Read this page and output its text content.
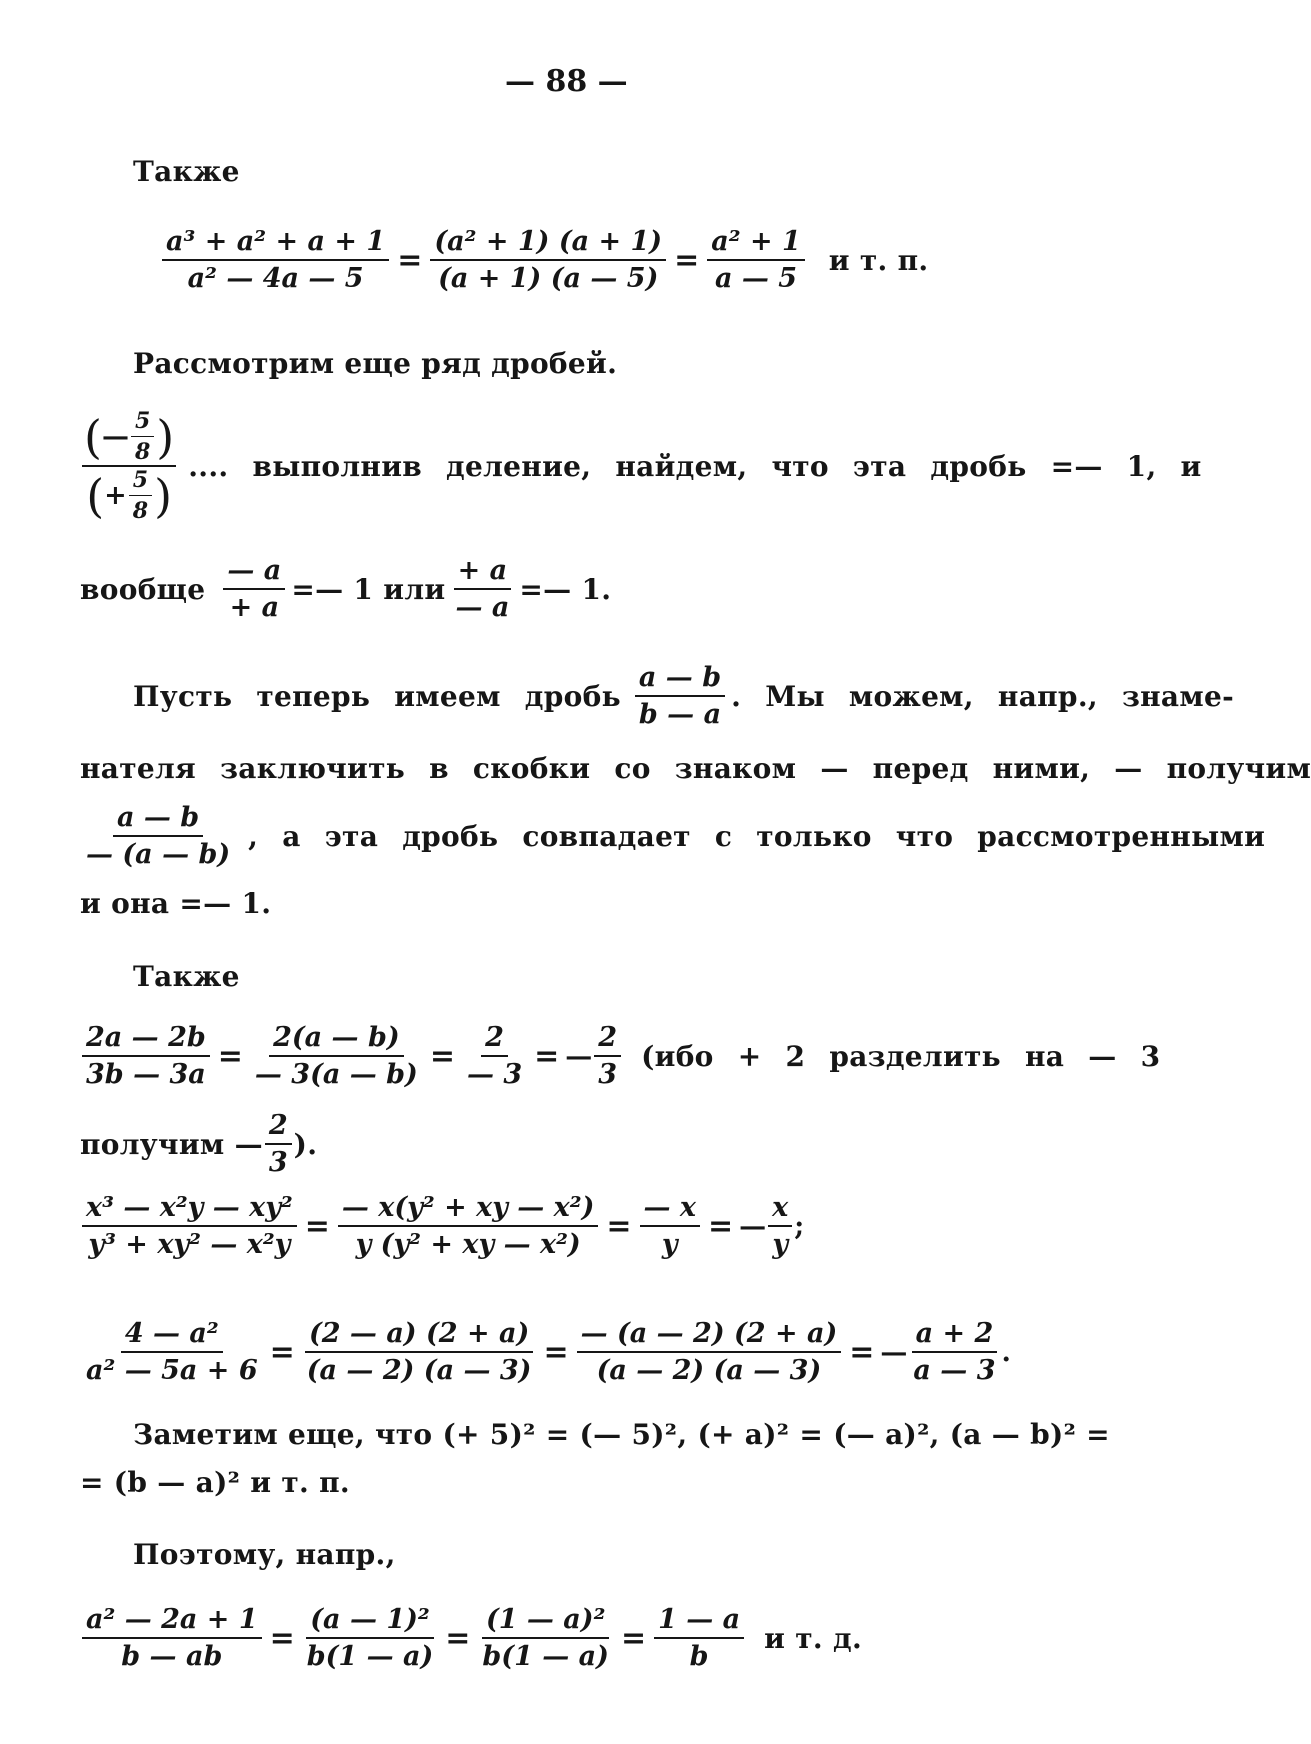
— 88 —
Также
$\frac{\text{a³ + a² + a + 1}}{\text{a² — 4a — 5}} = \frac{\text{(a² + 1) (a + 1)}}{(a + 1) (a — 5)} = \frac{\text{a² + 1}}{a — 5}$ и т. п.
Рассмотрим еще ряд дробей.
$\frac{( — \frac{5}{8} )}{( + \frac{5}{8} )}$ .... выполнив деление, найдем, что эта дробь =— 1, и
вообще $\frac{— a}{+ a}$ =— 1 или $\frac{+ a}{— a}$ =— 1.
Пусть теперь имеем дробь $\frac{a — b}{b — a}$ . Мы можем, напр., знаме-
нателя заключить в скобки со знаком — перед ними, — получим
$\frac{a — b}{— (a — b)}$ , а эта дробь совпадает с только что рассмотренными
и она =— 1.
Также
$\frac{2a — 2b}{3b — 3a} = \frac{2(a — b)}{— 3(a — b)} = \frac{2}{— 3}$ = — $\frac{2}{3} (ибо + 2$ разделить на — 3
получим — $\frac{2}{3}$ ).
$\frac{\text{x³ — x²y — xy²}}{\text{y³ + xy² — x²y}} = \frac{\text{— x(y² + xy — x²)}}{\text{y (y² + xy — x²)}} = \frac{— x}{y}$ = — $\frac{x}{y}$ ;
$\frac{\text{4 — a²}}{\text{a² — 5a + 6}} = \frac{(2 — a) (2 + a)}{(a — 2) (a — 3)} = \frac{— (a — 2) (2 + a)}{(a — 2) (a — 3)}$ = — $\frac{a + 2}{a — 3}$ .
Заметим еще, что (+ 5)² = (— 5)², (+ a)² = (— a)², (a — b)² =
= (b — a)² и т. п.
Поэтому, напр.,
$\frac{\text{a² — 2a + 1}}{b — ab} = \frac{\text{(a — 1)²}}{b(1 — a)} = \frac{\text{(1 — a)²}}{b(1 — a)} = \frac{1 — a}{b}$ и т. д.
